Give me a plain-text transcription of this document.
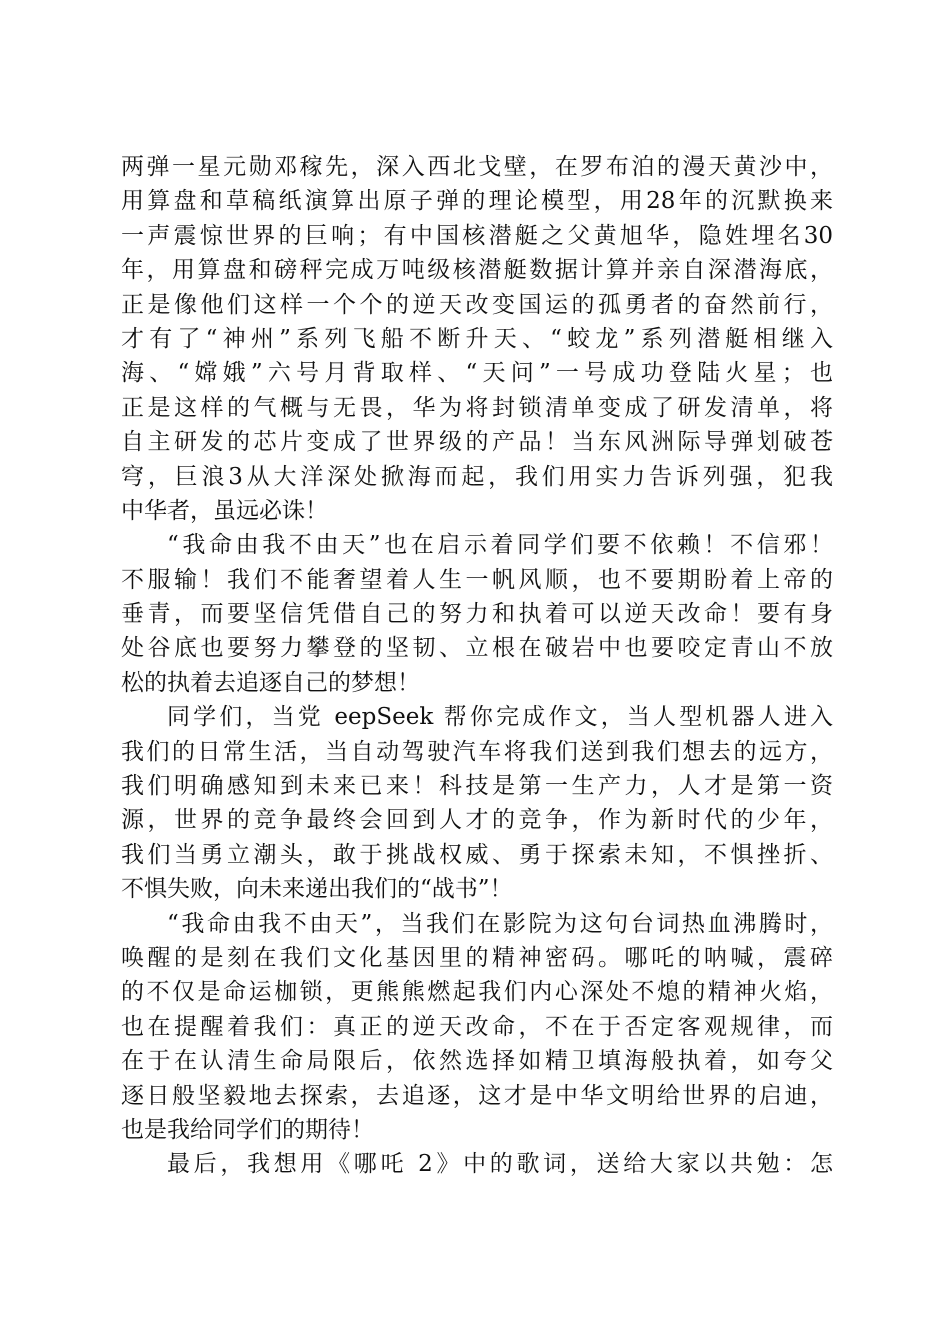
两弹一星元勋邓稼先，深入西北戈壁，在罗布泊的漫天黄沙中，
用算盘和草稿纸演算出原子弹的理论模型，用28年的沉默换来
一声震惊世界的巨响；有中国核潜艇之父黄旭华，隐姓埋名30
年，用算盘和磅秤完成万吨级核潜艇数据计算并亲自深潜海底，
正是像他们这样一个个的逆天改变国运的孤勇者的奋然前行，
才有了“神州”系列飞船不断升天、“蛟龙”系列潜艇相继入
海、“嫦娥”六号月背取样、“天问”一号成功登陆火星；也
正是这样的气概与无畏，华为将封锁清单变成了研发清单，将
自主研发的芯片变成了世界级的产品！当东风洲际导弹划破苍
穹，巨浪3从大洋深处掀海而起，我们用实力告诉列强，犯我
中华者，虽远必诛！
“我命由我不由天”也在启示着同学们要不依赖！不信邪！
不服输！我们不能奢望着人生一帆风顺，也不要期盼着上帝的
垂青，而要坚信凭借自己的努力和执着可以逆天改命！要有身
处谷底也要努力攀登的坚韧、立根在破岩中也要咬定青山不放
松的执着去追逐自己的梦想！
同学们，当党 eepSeek 帮你完成作文，当人型机器人进入
我们的日常生活，当自动驾驶汽车将我们送到我们想去的远方，
我们明确感知到未来已来！科技是第一生产力，人才是第一资
源，世界的竞争最终会回到人才的竞争，作为新时代的少年，
我们当勇立潮头，敢于挑战权威、勇于探索未知，不惧挫折、
不惧失败，向未来递出我们的“战书”！
“我命由我不由天”，当我们在影院为这句台词热血沸腾时，
唤醒的是刻在我们文化基因里的精神密码。哪吒的呐喊，震碎
的不仅是命运枷锁，更熊熊燃起我们内心深处不熄的精神火焰，
也在提醒着我们：真正的逆天改命，不在于否定客观规律，而
在于在认清生命局限后，依然选择如精卫填海般执着，如夸父
逐日般坚毅地去探索，去追逐，这才是中华文明给世界的启迪，
也是我给同学们的期待！
最后，我想用《哪吒 2》中的歌词，送给大家以共勉：怎
